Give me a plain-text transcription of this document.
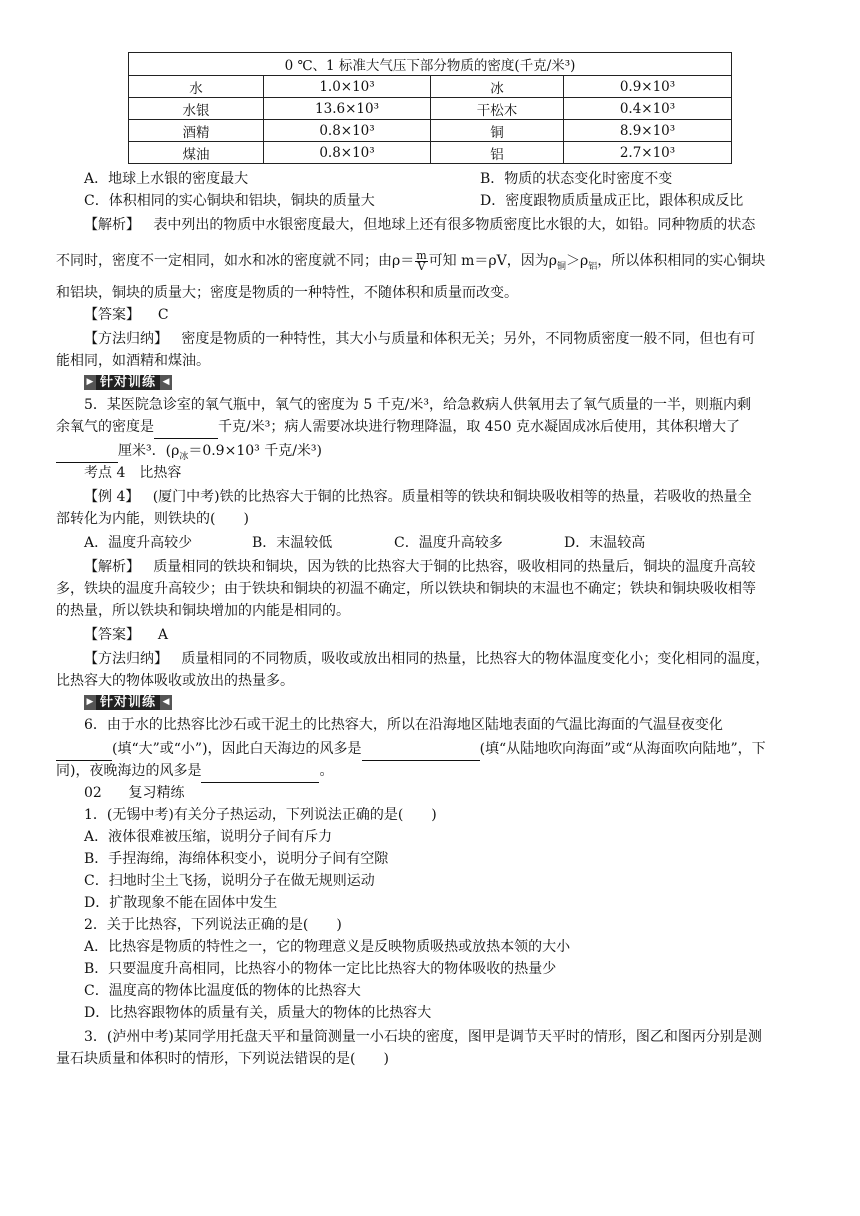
0 ℃、1 标准大气压下部分物质的密度(千克/米³)			
水	1.0×10³	冰	0.9×10³
水银	13.6×10³	干松木	0.4×10³
酒精	0.8×10³	铜	8.9×10³
煤油	0.8×10³	铝	2.7×10³
A．地球上水银的密度最大	B．物质的状态变化时密度不变
C．体积相同的实心铜块和铝块，铜块的质量大	D．密度跟物质质量成正比，跟体积成反比
【解析】 表中列出的物质中水银密度最大，但地球上还有很多物质密度比水银的大，如铅。同种物质的状态
不同时，密度不一定相同，如水和冰的密度就不同；由$\rho= \frac{m}{V}$ 可知 m＝ρV，因为$\rho_铜>\rho_铝$，所以体积相同的实心铜块
和铝块，铜块的质量大；密度是物质的一种特性，不随体积和质量而改变。
【答案】 C
【方法归纳】 密度是物质的一种特性，其大小与质量和体积无关；另外，不同物质密度一般不同，但也有可
能相同，如酒精和煤油。
▶ 针对训练 ◀
5．某医院急诊室的氧气瓶中，氧气的密度为 5 千克/米³，给急救病人供氧用去了氧气质量的一半，则瓶内剩
余氧气的密度是	千克/米³；病人需要冰块进行物理降温，取 450 克水凝固成冰后使用，其体积增大了
厘米³．($\rho_冰=0.9\times 10^3$ 千克/米³)
考点 4　比热容
【例 4】 (厦门中考)铁的比热容大于铜的比热容。质量相等的铁块和铜块吸收相等的热量，若吸收的热量全
部转化为内能，则铁块的(　　)
A．温度升高较少	B．末温较低	C．温度升高较多	D．末温较高
【解析】 质量相同的铁块和铜块，因为铁的比热容大于铜的比热容，吸收相同的热量后，铜块的温度升高较
多，铁块的温度升高较少；由于铁块和铜块的初温不确定，所以铁块和铜块的末温也不确定；铁块和铜块吸收相等
的热量，所以铁块和铜块增加的内能是相同的。
【答案】 A
【方法归纳】 质量相同的不同物质，吸收或放出相同的热量，比热容大的物体温度变化小；变化相同的温度，
比热容大的物体吸收或放出的热量多。
▶ 针对训练 ◀
6．由于水的比热容比沙石或干泥土的比热容大，所以在沿海地区陆地表面的气温比海面的气温昼夜变化
(填“大”或“小”)，因此白天海边的风多是	(填“从陆地吹向海面”或“从海面吹向陆地”，下
同)，夜晚海边的风多是	。
02 复习精练
1．(无锡中考)有关分子热运动，下列说法正确的是(　　)
A．液体很难被压缩，说明分子间有斥力
B．手捏海绵，海绵体积变小，说明分子间有空隙
C．扫地时尘土飞扬，说明分子在做无规则运动
D．扩散现象不能在固体中发生
2．关于比热容，下列说法正确的是(　　)
A．比热容是物质的特性之一，它的物理意义是反映物质吸热或放热本领的大小
B．只要温度升高相同，比热容小的物体一定比比热容大的物体吸收的热量少
C．温度高的物体比温度低的物体的比热容大
D．比热容跟物体的质量有关，质量大的物体的比热容大
3．(泸州中考)某同学用托盘天平和量筒测量一小石块的密度，图甲是调节天平时的情形，图乙和图丙分别是测
量石块质量和体积时的情形，下列说法错误的是(　　)
